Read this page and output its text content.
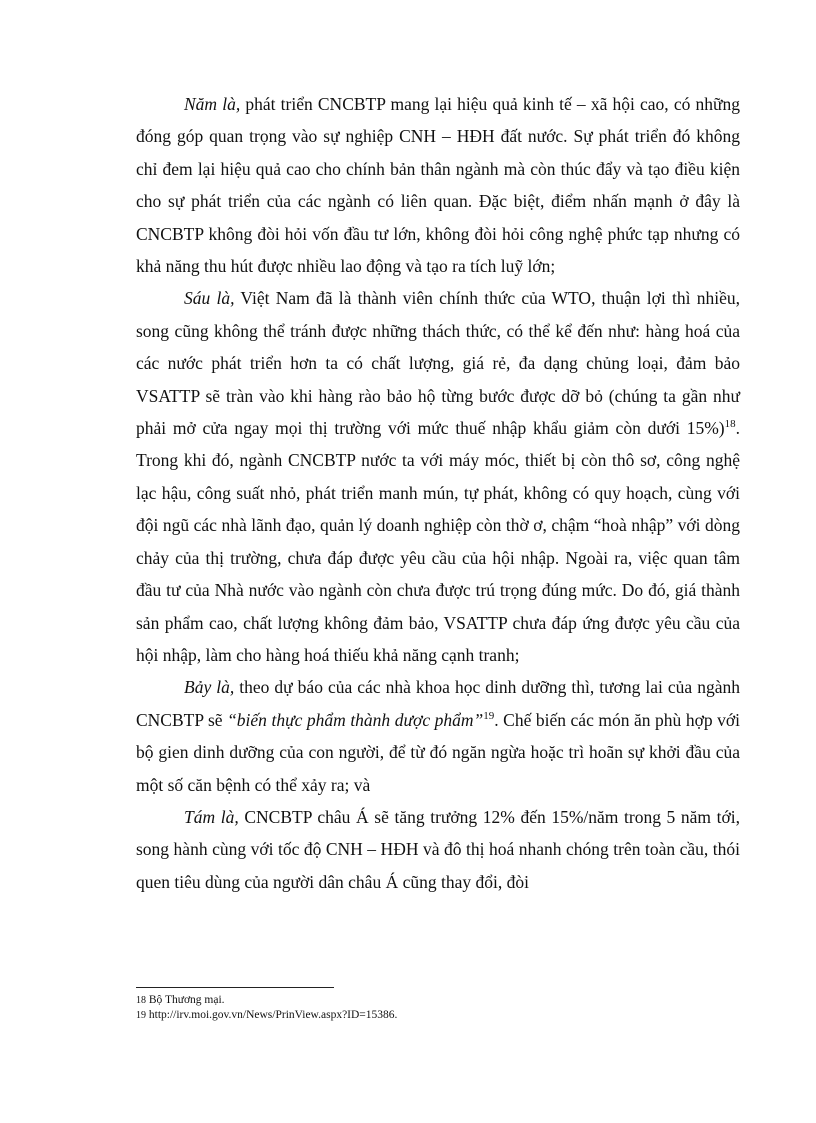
Năm là, phát triển CNCBTP mang lại hiệu quả kinh tế – xã hội cao, có những đóng góp quan trọng vào sự nghiệp CNH – HĐH đất nước. Sự phát triển đó không chỉ đem lại hiệu quả cao cho chính bản thân ngành mà còn thúc đẩy và tạo điều kiện cho sự phát triển của các ngành có liên quan. Đặc biệt, điểm nhấn mạnh ở đây là CNCBTP không đòi hỏi vốn đầu tư lớn, không đòi hỏi công nghệ phức tạp nhưng có khả năng thu hút được nhiều lao động và tạo ra tích luỹ lớn;

Sáu là, Việt Nam đã là thành viên chính thức của WTO, thuận lợi thì nhiều, song cũng không thể tránh được những thách thức, có thể kể đến như: hàng hoá của các nước phát triển hơn ta có chất lượng, giá rẻ, đa dạng chủng loại, đảm bảo VSATTP sẽ tràn vào khi hàng rào bảo hộ từng bước được dỡ bỏ (chúng ta gần như phải mở cửa ngay mọi thị trường với mức thuế nhập khẩu giảm còn dưới 15%)$^{18}$. Trong khi đó, ngành CNCBTP nước ta với máy móc, thiết bị còn thô sơ, công nghệ lạc hậu, công suất nhỏ, phát triển manh mún, tự phát, không có quy hoạch, cùng với đội ngũ các nhà lãnh đạo, quản lý doanh nghiệp còn thờ ơ, chậm “hoà nhập” với dòng chảy của thị trường, chưa đáp được yêu cầu của hội nhập. Ngoài ra, việc quan tâm đầu tư của Nhà nước vào ngành còn chưa được trú trọng đúng mức. Do đó, giá thành sản phẩm cao, chất lượng không đảm bảo, VSATTP chưa đáp ứng được yêu cầu của hội nhập, làm cho hàng hoá thiếu khả năng cạnh tranh;

Bảy là, theo dự báo của các nhà khoa học dinh dưỡng thì, tương lai của ngành CNCBTP sẽ “biến thực phẩm thành dược phẩm”$^{19}$. Chế biến các món ăn phù hợp với bộ gien dinh dưỡng của con người, để từ đó ngăn ngừa hoặc trì hoãn sự khởi đầu của một số căn bệnh có thể xảy ra; và

Tám là, CNCBTP châu Á sẽ tăng trưởng 12% đến 15%/năm trong 5 năm tới, song hành cùng với tốc độ CNH – HĐH và đô thị hoá nhanh chóng trên toàn cầu, thói quen tiêu dùng của người dân châu Á cũng thay đổi, đòi

18 Bộ Thương mại.

19 http://irv.moi.gov.vn/News/PrinView.aspx?ID=15386.
